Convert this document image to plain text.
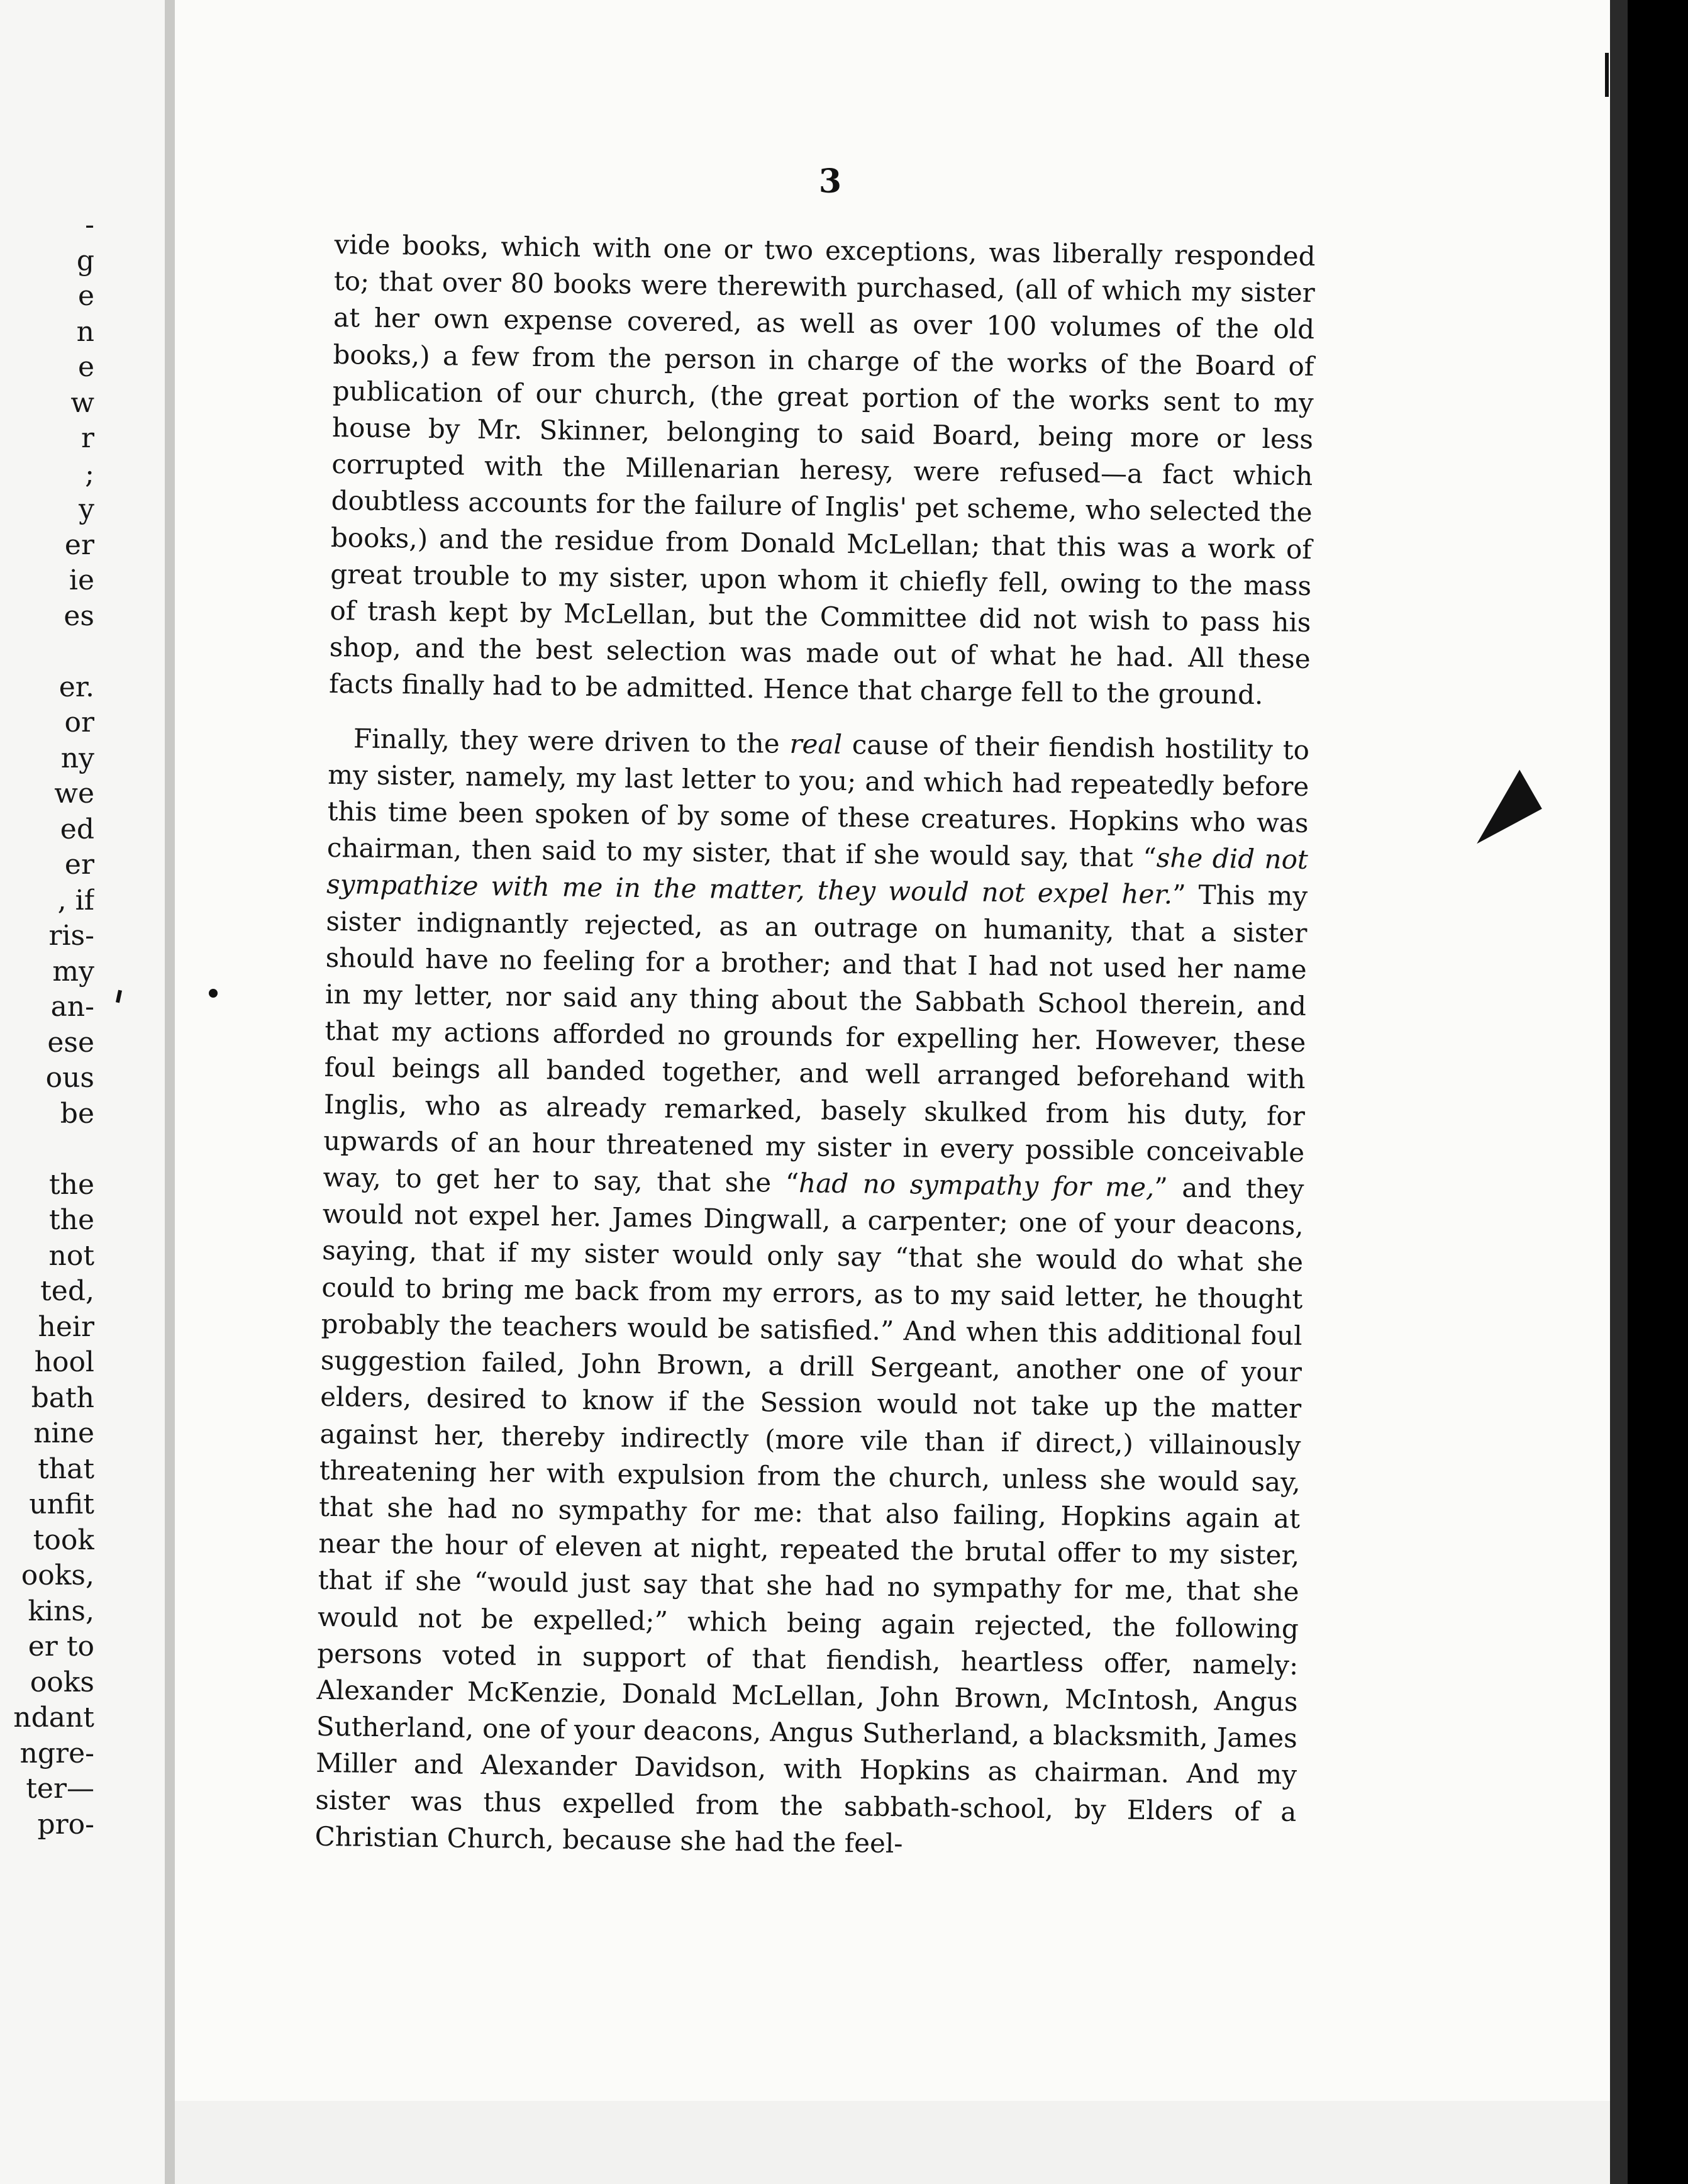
-
g
e
n
e
w
r
;
y
er
ie
es
er.
or
ny
we
ed
er
, if
ris-
my
an-
ese
ous
be
the
the
not
ted,
heir
hool
bath
nine
that
unfit
took
ooks,
kins,
er to
ooks
ndant
ngre-
ter—
pro-
3

vide books, which with one or two exceptions, was liberally responded to; that over 80 books were therewith purchased, (all of which my sister at her own expense covered, as well as over 100 volumes of the old books,) a few from the person in charge of the works of the Board of publication of our church, (the great portion of the works sent to my house by Mr. Skinner, belonging to said Board, being more or less corrupted with the Millenarian heresy, were refused—a fact which doubtless accounts for the failure of Inglis' pet scheme, who selected the books,) and the residue from Donald McLellan; that this was a work of great trouble to my sister, upon whom it chiefly fell, owing to the mass of trash kept by McLellan, but the Committee did not wish to pass his shop, and the best selection was made out of what he had. All these facts finally had to be admitted. Hence that charge fell to the ground.

Finally, they were driven to the real cause of their fiendish hostility to my sister, namely, my last letter to you; and which had repeatedly before this time been spoken of by some of these creatures. Hopkins who was chairman, then said to my sister, that if she would say, that “she did not sympathize with me in the matter, they would not expel her.” This my sister indignantly rejected, as an outrage on humanity, that a sister should have no feeling for a brother; and that I had not used her name in my letter, nor said any thing about the Sabbath School therein, and that my actions afforded no grounds for expelling her. However, these foul beings all banded together, and well arranged beforehand with Inglis, who as already remarked, basely skulked from his duty, for upwards of an hour threatened my sister in every possible conceivable way, to get her to say, that she “had no sympathy for me,” and they would not expel her. James Dingwall, a carpenter; one of your deacons, saying, that if my sister would only say “that she would do what she could to bring me back from my errors, as to my said letter, he thought probably the teachers would be satisfied.” And when this additional foul suggestion failed, John Brown, a drill Sergeant, another one of your elders, desired to know if the Session would not take up the matter against her, thereby indirectly (more vile than if direct,) villainously threatening her with expulsion from the church, unless she would say, that she had no sympathy for me: that also failing, Hopkins again at near the hour of eleven at night, repeated the brutal offer to my sister, that if she “would just say that she had no sympathy for me, that she would not be expelled;” which being again rejected, the following persons voted in support of that fiendish, heartless offer, namely: Alexander McKenzie, Donald McLellan, John Brown, McIntosh, Angus Sutherland, one of your deacons, Angus Sutherland, a blacksmith, James Miller and Alexander Davidson, with Hopkins as chairman. And my sister was thus expelled from the sabbath-school, by Elders of a Christian Church, because she had the feel-
